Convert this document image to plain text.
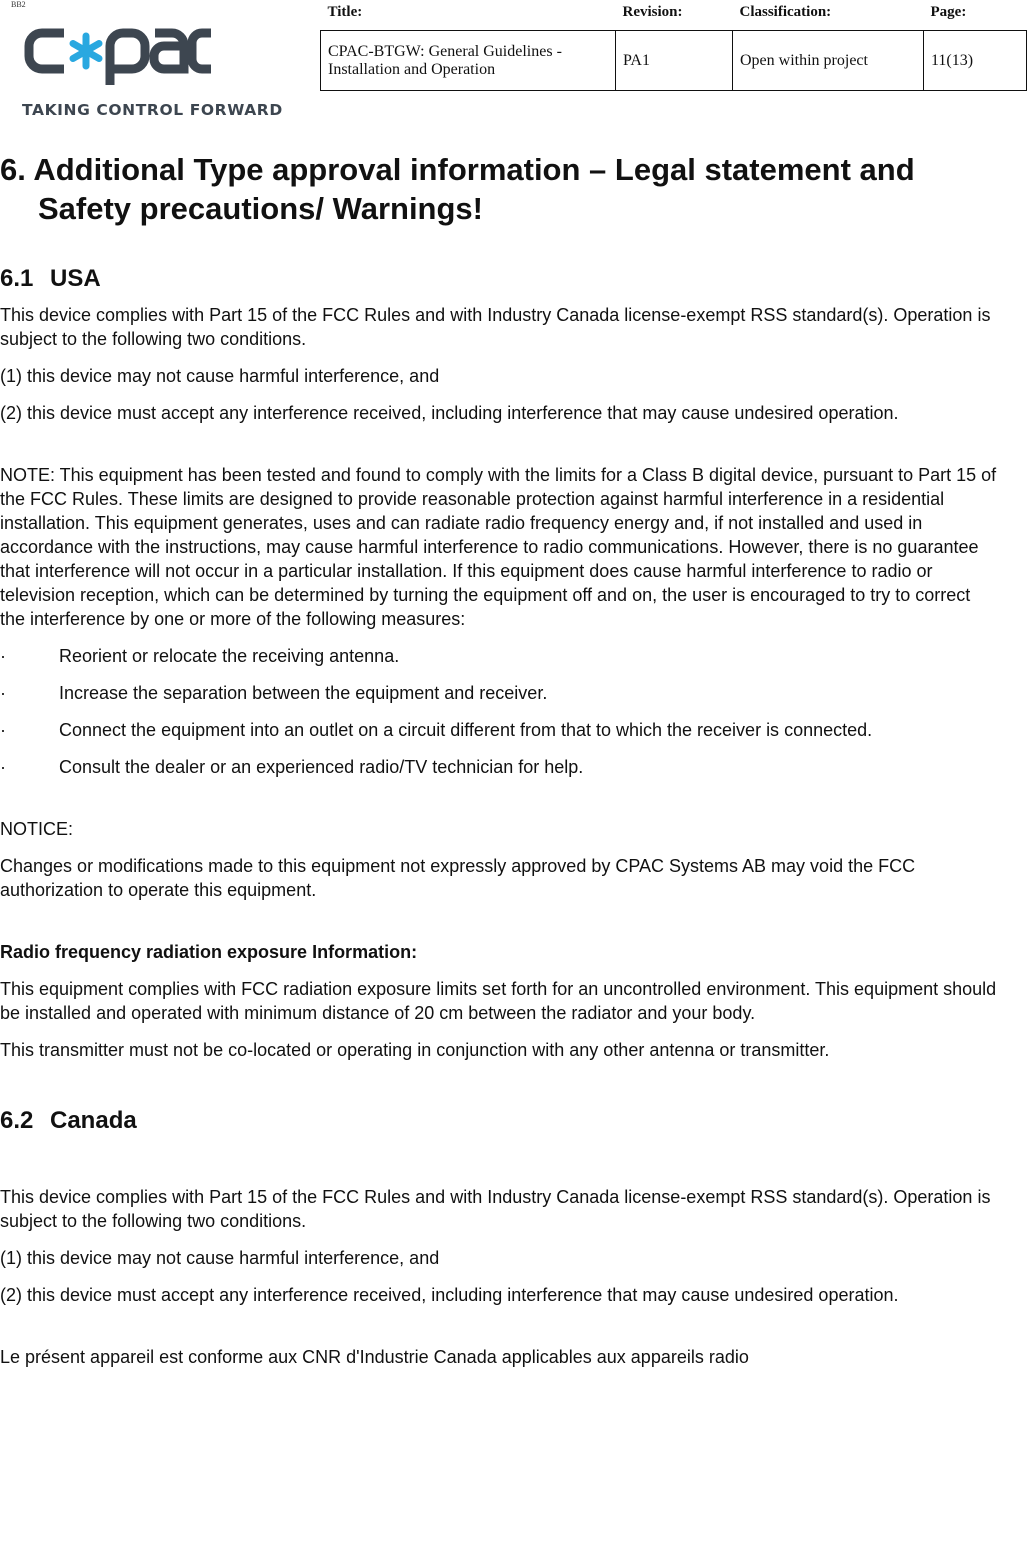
BB2
TAKING CONTROL FORWARD
Title:	Revision:	Classification:	Page:
CPAC-BTGW: General Guidelines - Installation and Operation	PA1	Open within project	11(13)
6. Additional Type approval information – Legal statement and Safety precautions/ Warnings!
6.1 USA

This device complies with Part 15 of the FCC Rules and with Industry Canada license-exempt RSS standard(s). Operation is subject to the following two conditions.

(1) this device may not cause harmful interference, and

(2) this device must accept any interference received, including interference that may cause undesired operation.

NOTE: This equipment has been tested and found to comply with the limits for a Class B digital device, pursuant to Part 15 of the FCC Rules. These limits are designed to provide reasonable protection against harmful interference in a residential installation. This equipment generates, uses and can radiate radio frequency energy and, if not installed and used in accordance with the instructions, may cause harmful interference to radio communications. However, there is no guarantee that interference will not occur in a particular installation. If this equipment does cause harmful interference to radio or television reception, which can be determined by turning the equipment off and on, the user is encouraged to try to correct the interference by one or more of the following measures:

·	Reorient or relocate the receiving antenna.

·	Increase the separation between the equipment and receiver.

·	Connect the equipment into an outlet on a circuit different from that to which the receiver is connected.

·	Consult the dealer or an experienced radio/TV technician for help.

NOTICE:

Changes or modifications made to this equipment not expressly approved by CPAC Systems AB may void the FCC authorization to operate this equipment.

Radio frequency radiation exposure Information:

This equipment complies with FCC radiation exposure limits set forth for an uncontrolled environment. This equipment should be installed and operated with minimum distance of 20 cm between the radiator and your body.

This transmitter must not be co-located or operating in conjunction with any other antenna or transmitter.

6.2 Canada

This device complies with Part 15 of the FCC Rules and with Industry Canada license-exempt RSS standard(s). Operation is subject to the following two conditions.

(1) this device may not cause harmful interference, and

(2) this device must accept any interference received, including interference that may cause undesired operation.

Le présent appareil est conforme aux CNR d'Industrie Canada applicables aux appareils radio
